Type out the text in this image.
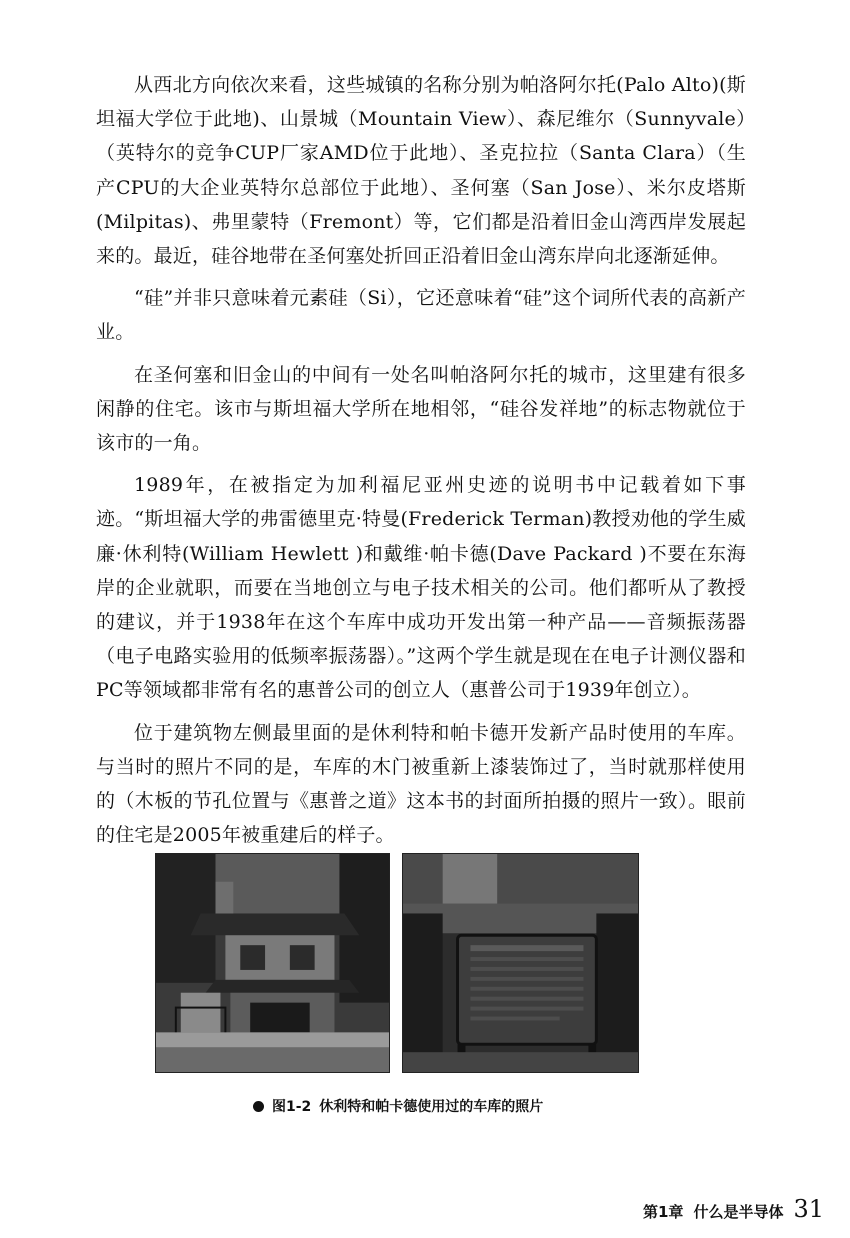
从西北方向依次来看，这些城镇的名称分别为帕洛阿尔托(Palo Alto)(斯坦福大学位于此地)、山景城（Mountain View）、森尼维尔（Sunnyvale）（英特尔的竞争CUP厂家AMD位于此地）、圣克拉拉（Santa Clara）（生产CPU的大企业英特尔总部位于此地）、圣何塞（San Jose）、米尔皮塔斯(Milpitas)、弗里蒙特（Fremont）等，它们都是沿着旧金山湾西岸发展起来的。最近，硅谷地带在圣何塞处折回正沿着旧金山湾东岸向北逐渐延伸。

“硅”并非只意味着元素硅（Si），它还意味着“硅”这个词所代表的高新产业。

在圣何塞和旧金山的中间有一处名叫帕洛阿尔托的城市，这里建有很多闲静的住宅。该市与斯坦福大学所在地相邻，“硅谷发祥地”的标志物就位于该市的一角。

1989年，在被指定为加利福尼亚州史迹的说明书中记载着如下事迹。“斯坦福大学的弗雷德里克·特曼(Frederick Terman)教授劝他的学生威廉·休利特(William Hewlett )和戴维·帕卡德(Dave Packard )不要在东海岸的企业就职，而要在当地创立与电子技术相关的公司。他们都听从了教授的建议，并于1938年在这个车库中成功开发出第一种产品——音频振荡器（电子电路实验用的低频率振荡器）。”这两个学生就是现在在电子计测仪器和PC等领域都非常有名的惠普公司的创立人（惠普公司于1939年创立）。

位于建筑物左侧最里面的是休利特和帕卡德开发新产品时使用的车库。与当时的照片不同的是，车库的木门被重新上漆装饰过了，当时就那样使用的（木板的节孔位置与《惠普之道》这本书的封面所拍摄的照片一致）。眼前的住宅是2005年被重建后的样子。

图1-2 休利特和帕卡德使用过的车库的照片
第1章 什么是半导体 31
